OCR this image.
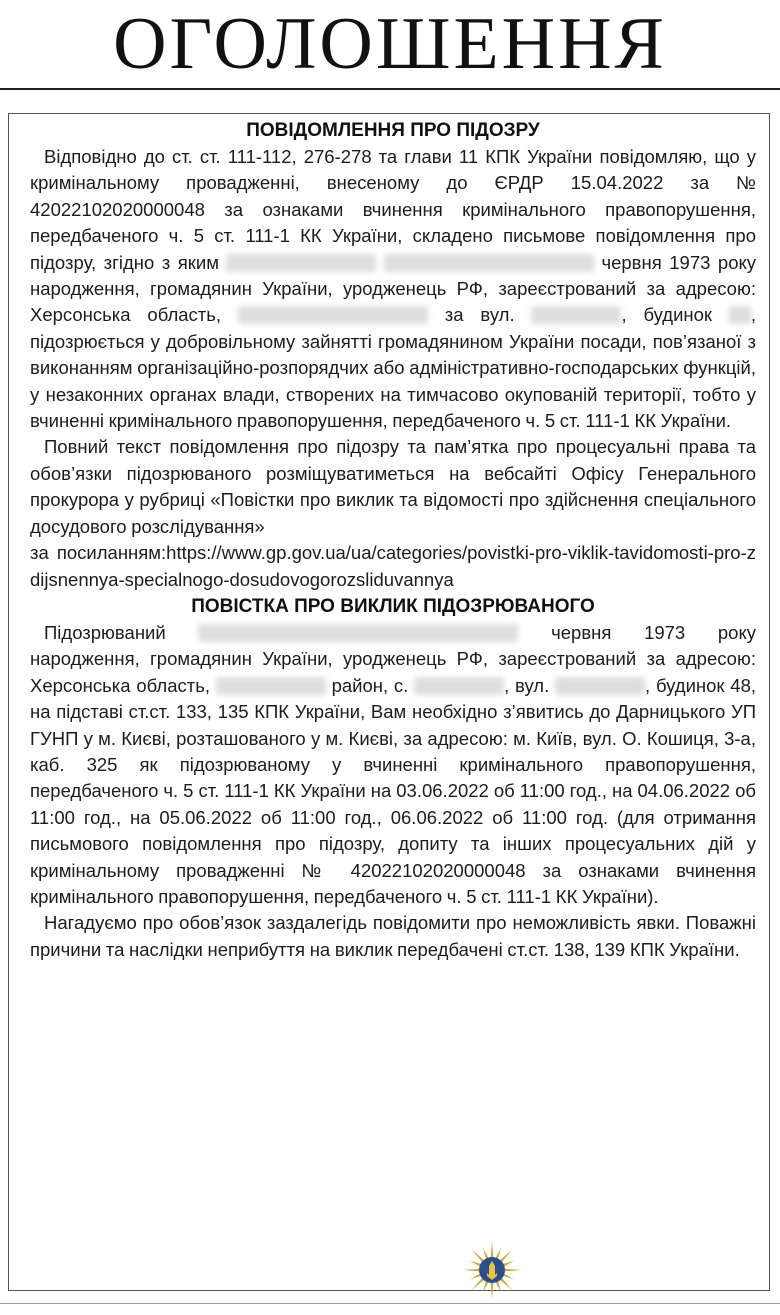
ОГОЛОШЕННЯ
ПОВІДОМЛЕННЯ ПРО ПІДОЗРУ

Відповідно до ст. ст. 111-112, 276-278 та глави 11 КПК України повідомляю, що у кримінальному провадженні, внесеному до ЄРДР 15.04.2022 за № 42022102020000048 за ознаками вчинення кримінального правопорушення, передбаченого ч. 5 ст. 111-1 КК України, складено письмове повідомлення про підозру, згідно з яким	червня 1973 року народження, громадянин України, уродженець РФ, зареєстрований за адресою: Херсонська область,	за вул.	, будинок , підозрюється у добровільному зайнятті громадянином України посади, пов’язаної з виконанням організаційно-розпорядчих або адміністративно-господарських функцій, у незаконних органах влади, створених на тимчасово окупованій території, тобто у вчиненні кримінального правопорушення, передбаченого ч. 5 ст. 111-1 КК України.

Повний текст повідомлення про підозру та пам’ятка про процесуальні права та обов’язки підозрюваного розміщуватиметься на вебсайті Офісу Генерального прокурора у рубриці «Повістки про виклик та відомості про здійснення спеціального досудового розслідування»

за посиланням:https://www.gp.gov.ua/ua/categories/povistki-pro-viklik-tavidomosti-pro-zdijsnennya-specialnogo-dosudovogorozsliduvannya

ПОВІСТКА ПРО ВИКЛИК ПІДОЗРЮВАНОГО

Підозрюваний	червня 1973 року народження, громадянин України, уродженець РФ, зареєстрований за адресою: Херсонська область,	район, с.	, вул.	, будинок 48, на підставі ст.ст. 133, 135 КПК України, Вам необхідно з’явитись до Дарницького УП ГУНП у м. Києві, розташованого у м. Києві, за адресою: м. Київ, вул. О. Кошиця, 3-а, каб. 325 як підозрюваному у вчиненні кримінального правопорушення, передбаченого ч. 5 ст. 111-1 КК України на 03.06.2022 об 11:00 год., на 04.06.2022 об 11:00 год., на 05.06.2022 об 11:00 год., 06.06.2022 об 11:00 год. (для отримання письмового повідомлення про підозру, допиту та інших процесуальних дій у кримінальному провадженні № 42022102020000048 за ознаками вчинення кримінального правопорушення, передбаченого ч. 5 ст. 111-1 КК України).

Нагадуємо про обов’язок заздалегідь повідомити про неможливість явки. Поважні причини та наслідки неприбуття на виклик передбачені ст.ст. 138, 139 КПК України.
